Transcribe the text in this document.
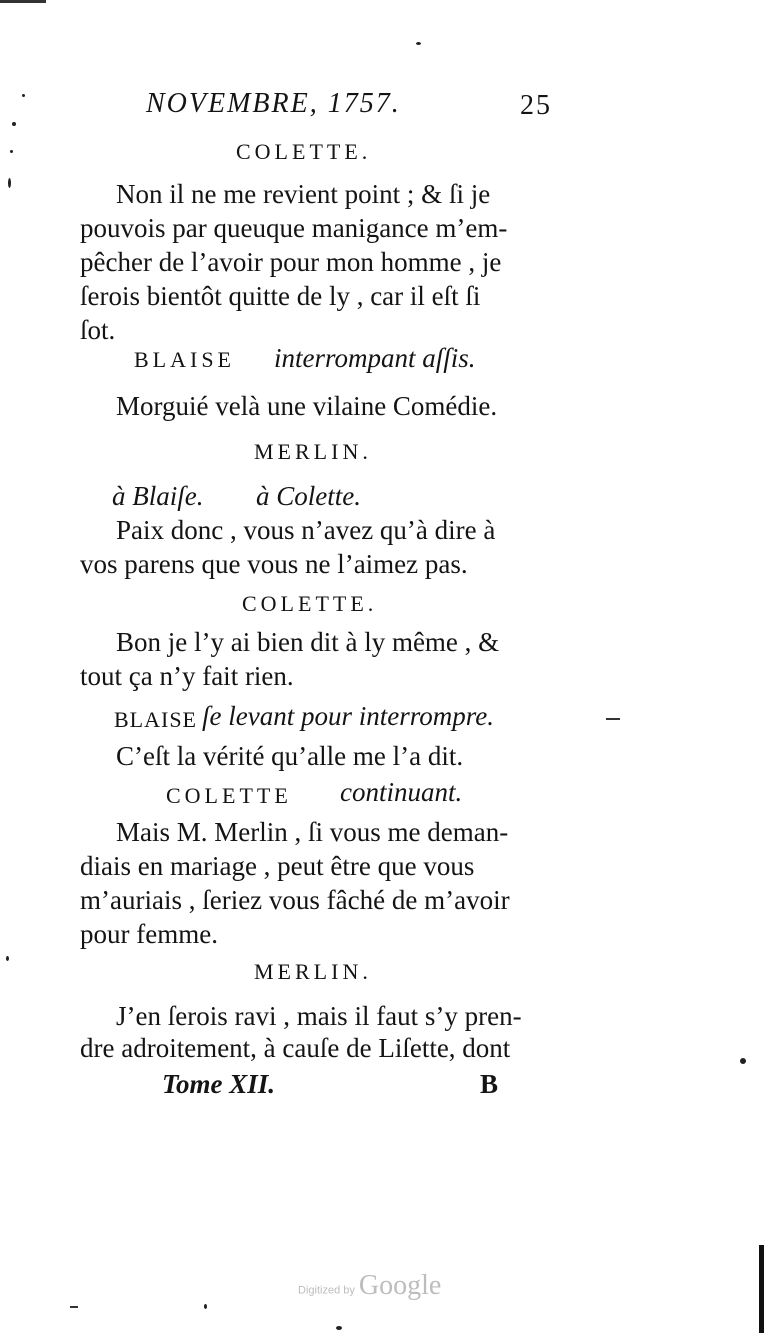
NOVEMBRE, 1757.	25
COLETTE.
Non il ne me revient point ; & ſi je
pouvois par queuque manigance m’em-
pêcher de l’avoir pour mon homme , je
ſerois bientôt quitte de ly , car il eſt ſi
ſot.
BLAISE interrompant aſſis.
Morguié velà une vilaine Comédie.
MERLIN.
à Blaiſe. à Colette.
Paix donc , vous n’avez qu’à dire à
vos parens que vous ne l’aimez pas.
COLETTE.
Bon je l’y ai bien dit à ly même , &
tout ça n’y fait rien.
BLAISE ſe levant pour interrompre.
C’eſt la vérité qu’alle me l’a dit.
COLETTE continuant.
Mais M. Merlin , ſi vous me deman-
diais en mariage , peut être que vous
m’auriais , ſeriez vous fâché de m’avoir
pour femme.
MERLIN.
J’en ſerois ravi , mais il faut s’y pren-
dre adroitement, à cauſe de Liſette, dont
Tome XII.	B
Digitized by Google
